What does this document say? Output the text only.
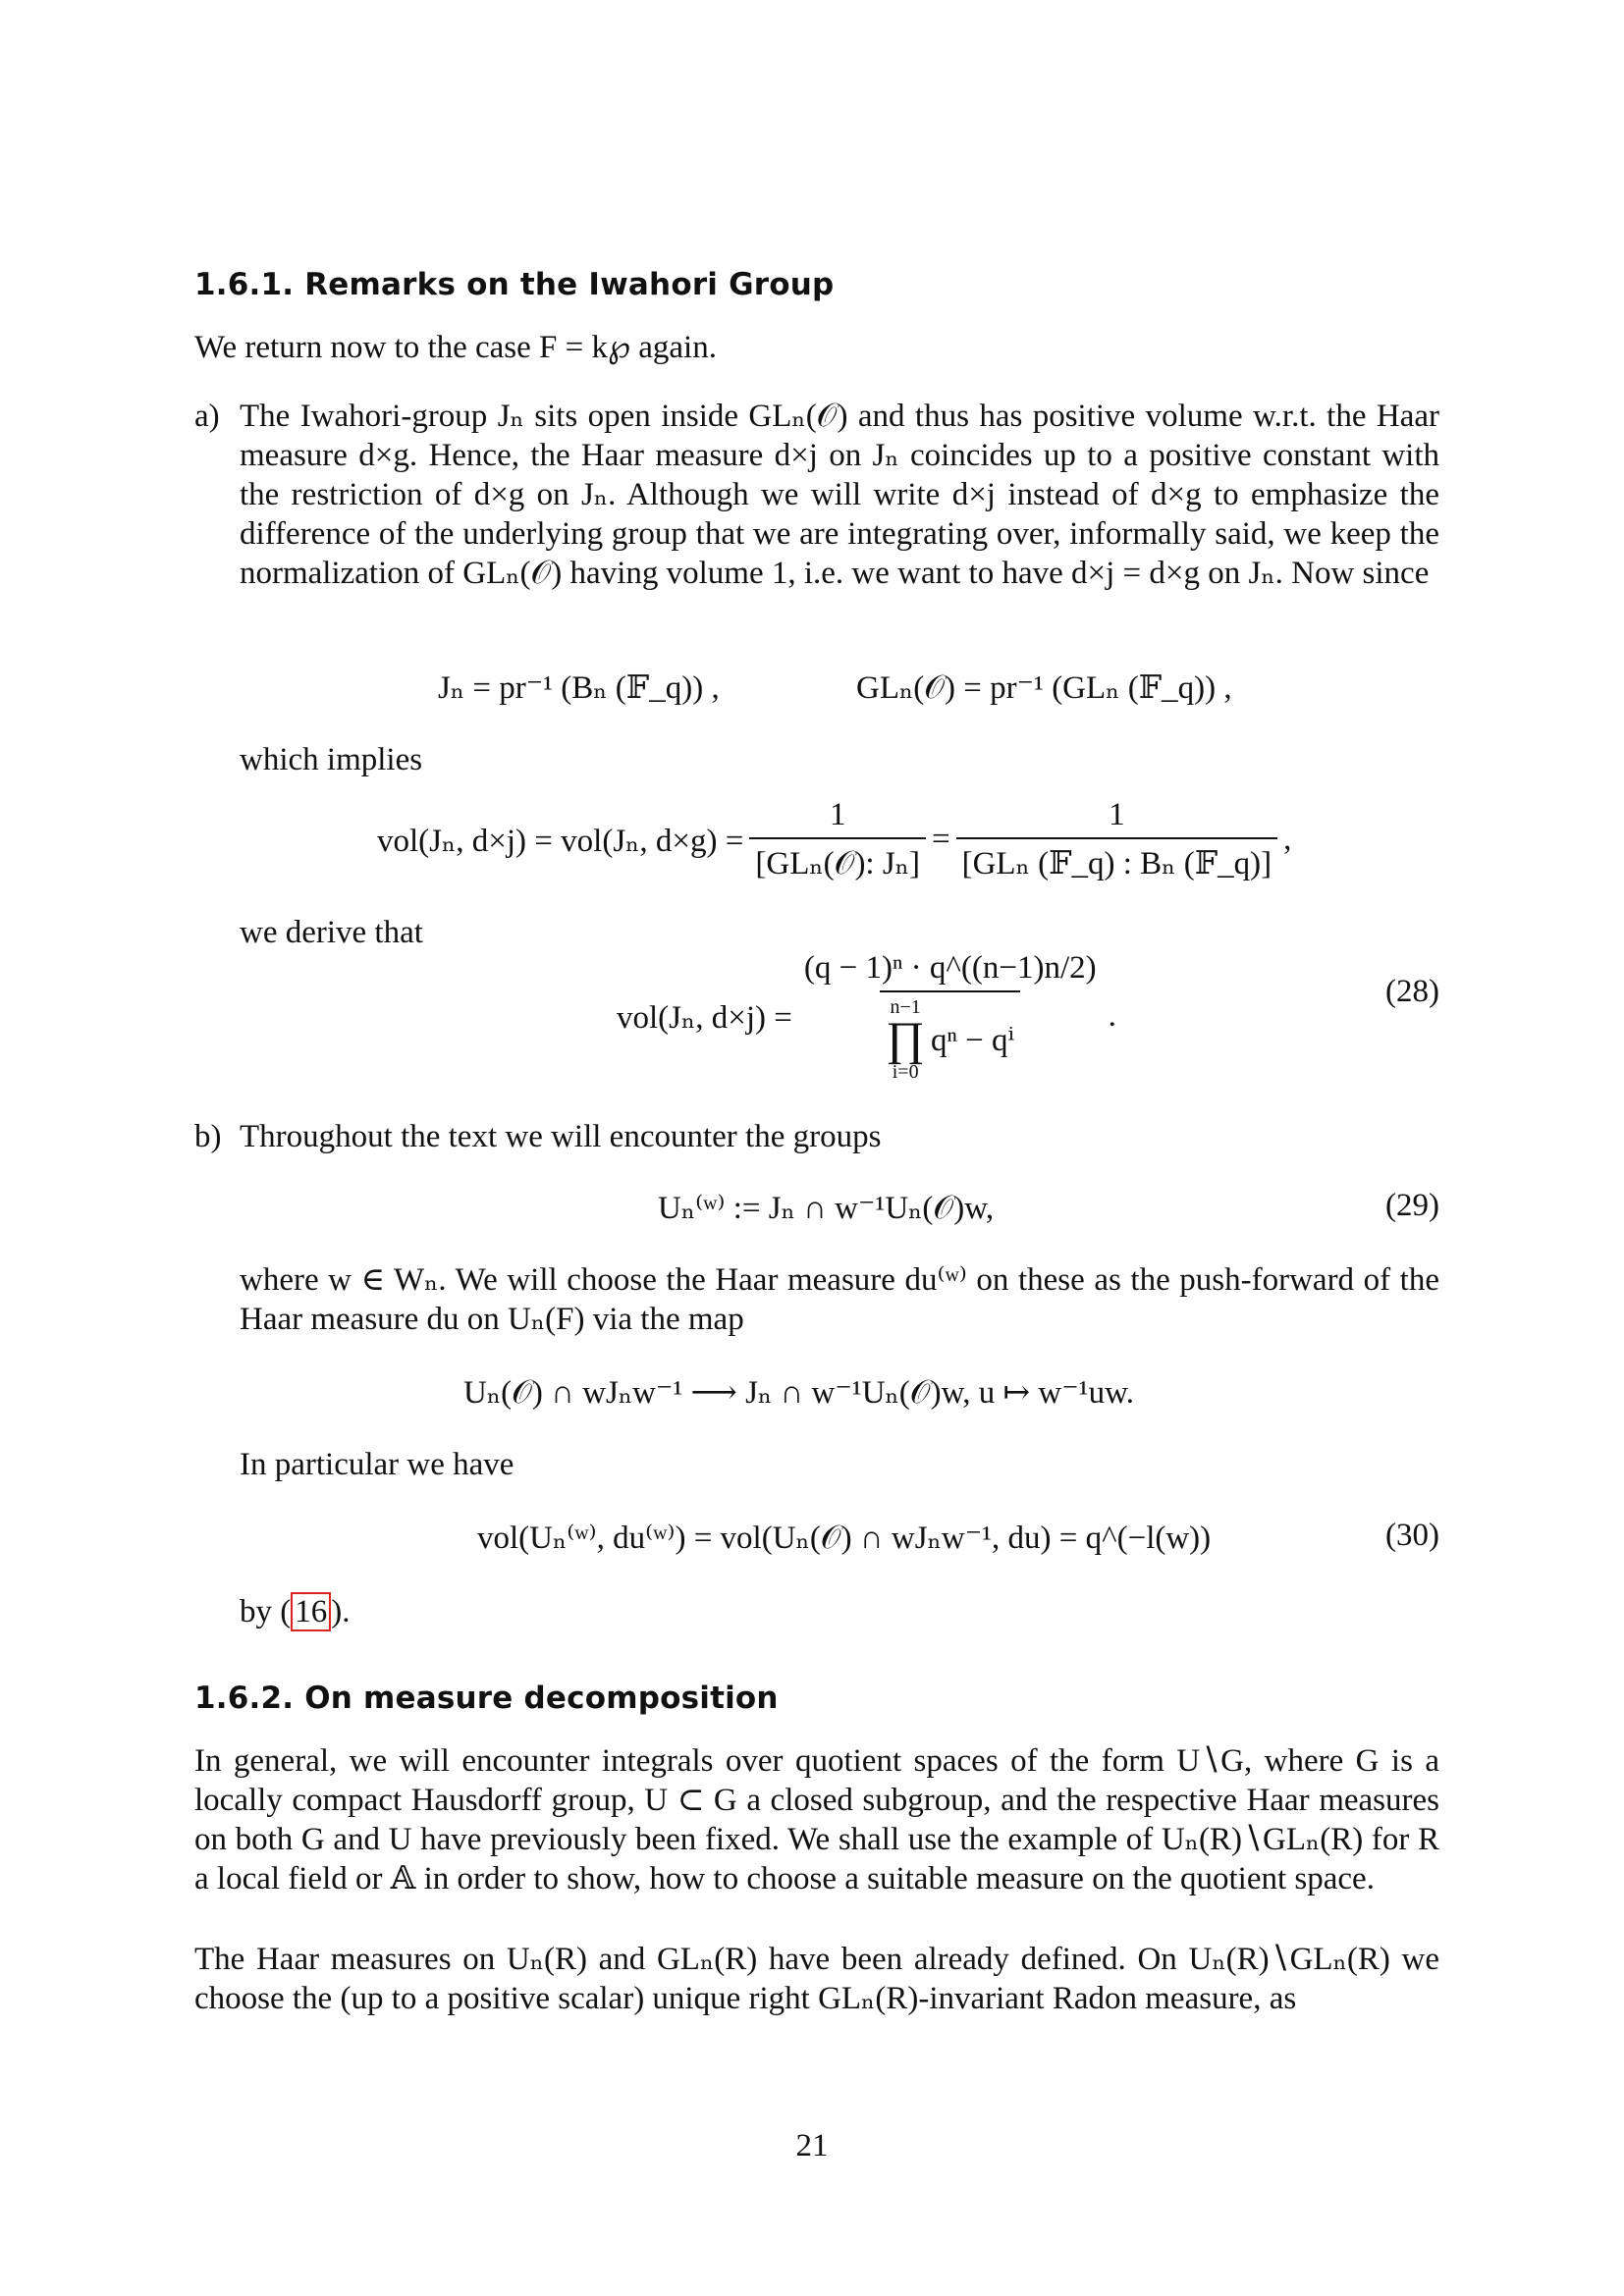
1.6.1. Remarks on the Iwahori Group
We return now to the case F = k℘ again.
a) The Iwahori-group Jₙ sits open inside GLₙ(𝒪) and thus has positive volume w.r.t. the Haar measure d×g. Hence, the Haar measure d×j on Jₙ coincides up to a positive constant with the restriction of d×g on Jₙ. Although we will write d×j instead of d×g to emphasize the difference of the underlying group that we are integrating over, informally said, we keep the normalization of GLₙ(𝒪) having volume 1, i.e. we want to have d×j = d×g on Jₙ. Now since
Jₙ = pr⁻¹ (Bₙ (𝔽_q)) ,	GLₙ(𝒪) = pr⁻¹ (GLₙ (𝔽_q)) ,
which implies
vol(Jₙ, d×j) = vol(Jₙ, $d\times g) = \frac{1}{\text{[GLₙ(𝒪): Jₙ]}} = \frac{1}{\text{[GLₙ (𝔽\_q) : Bₙ (𝔽\_q)]}}$ ,
we derive that
vol(Jₙ, d×j) = (q − 1)ⁿ · q^((n−1)n/2)
n−1
∏
i=0
qⁿ − qⁱ .
(28)
b) Throughout the text we will encounter the groups
Uₙ⁽ʷ⁾ := Jₙ ∩ w⁻¹Uₙ(𝒪)w,	(29)
where w ∈ Wₙ. We will choose the Haar measure du⁽ʷ⁾ on these as the push-forward of the Haar measure du on Uₙ(F) via the map
Uₙ(𝒪) ∩ wJₙw⁻¹ ⟶ Jₙ ∩ w⁻¹Uₙ(𝒪)w, u ↦ w⁻¹uw.
In particular we have
vol(Uₙ⁽ʷ⁾, du⁽ʷ⁾) = vol(Uₙ(𝒪) ∩ wJₙw⁻¹, du) = q^(−l(w))	(30)
by ( 16 ).
1.6.2. On measure decomposition
In general, we will encounter integrals over quotient spaces of the form U∖G, where G is a locally compact Hausdorff group, U ⊂ G a closed subgroup, and the respective Haar measures on both G and U have previously been fixed. We shall use the example of Uₙ(R)∖GLₙ(R) for R a local field or 𝔸 in order to show, how to choose a suitable measure on the quotient space.
The Haar measures on Uₙ(R) and GLₙ(R) have been already defined. On Uₙ(R)∖GLₙ(R) we choose the (up to a positive scalar) unique right GLₙ(R)-invariant Radon measure, as
21
